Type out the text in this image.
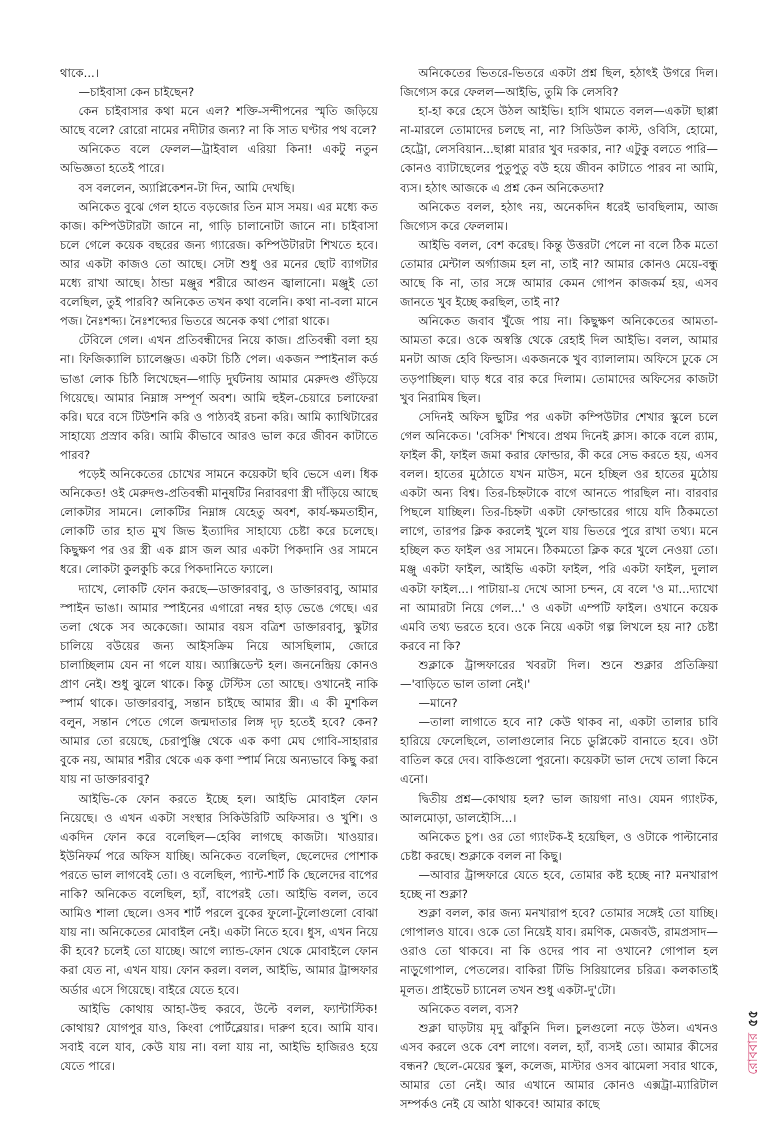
থাকে...।

—চাইবাসা কেন চাইছেন?

কেন চাইবাসার কথা মনে এল? শক্তি-সন্দীপনের স্মৃতি জড়িয়ে আছে বলে? রোরো নামের নদীটার জন্য? না কি সাত ঘণ্টার পথ বলে?

অনিকেত বলে ফেলল—ট্রাইবাল এরিয়া কিনা! একটু নতুন অভিজ্ঞতা হতেই পারে।

বস বললেন, অ্যাপ্লিকেশন-টা দিন, আমি দেখছি।

অনিকেত বুঝে গেল হাতে বড়জোর তিন মাস সময়। এর মধ্যে কত কাজ। কম্পিউটারটা জানে না, গাড়ি চালানোটা জানে না। চাইবাসা চলে গেলে কয়েক বছরের জন্য গ্যারেজ। কম্পিউটারটা শিখতে হবে। আর একটা কাজও তো আছে। সেটা শুধু ওর মনের ছোট ব্যাগটার মধ্যে রাখা আছে। ঠান্ডা মঞ্জুর শরীরে আগুন জ্বালানো। মঞ্জুই তো বলেছিল, তুই পারবি? অনিকেত তখন কথা বলেনি। কথা না-বলা মানে পজ। নৈঃশব্দ্য। নৈঃশব্দ্যের ভিতরে অনেক কথা পোরা থাকে।

টেবিলে গেল। এখন প্রতিবন্ধীদের নিয়ে কাজ। প্রতিবন্ধী বলা হয় না। ফিজিক্যালি চ্যালেঞ্জড। একটা চিঠি পেল। একজন স্পাইনাল কর্ড ভাঙা লোক চিঠি লিখেছেন—গাড়ি দুর্ঘটনায় আমার মেরুদণ্ড গুঁড়িয়ে গিয়েছে। আমার নিম্নাঙ্গ সম্পূর্ণ অবশ। আমি হুইল-চেয়ারে চলাফেরা করি। ঘরে বসে টিউশনি করি ও পাঠ্যবই রচনা করি। আমি ক্যাথিটারের সাহায্যে প্রস্রাব করি। আমি কীভাবে আরও ভাল করে জীবন কাটাতে পারব?

পড়েই অনিকেতের চোখের সামনে কয়েকটা ছবি ভেসে এল। ধিক অনিকেত! ওই মেরুদণ্ড-প্রতিবন্ধী মানুষটির নিরাবরণা স্ত্রী দাঁড়িয়ে আছে লোকটার সামনে। লোকটির নিম্নাঙ্গ যেহেতু অবশ, কার্য-ক্ষমতাহীন, লোকটি তার হাত মুখ জিভ ইত্যাদির সাহায্যে চেষ্টা করে চলেছে। কিছুক্ষণ পর ওর স্ত্রী এক গ্লাস জল আর একটা পিকদানি ওর সামনে ধরে। লোকটা কুলকুচি করে পিকদানিতে ফ্যালে।

দ্যাখে, লোকটি ফোন করছে—ডাক্তারবাবু, ও ডাক্তারবাবু, আমার স্পাইন ভাঙা। আমার স্পাইনের এগারো নম্বর হাড় ভেঙে গেছে। এর তলা থেকে সব অকেজো। আমার বয়স বত্রিশ ডাক্তারবাবু, স্কুটার চালিয়ে বউয়ের জন্য আইসক্রিম নিয়ে আসছিলাম, জোরে চালাচ্ছিলাম যেন না গলে যায়। অ্যাক্সিডেন্ট হল। জননেন্দ্রিয় কোনও প্রাণ নেই। শুধু ঝুলে থাকে। কিন্তু টেস্টিস তো আছে। ওখানেই নাকি স্পার্ম থাকে। ডাক্তারবাবু, সন্তান চাইছে আমার স্ত্রী। এ কী মুশকিল বলুন, সন্তান পেতে গেলে জন্মদাতার লিঙ্গ দৃঢ় হতেই হবে? কেন? আমার তো রয়েছে, চেরাপুঞ্জি থেকে এক কণা মেঘ গোবি-সাহারার বুকে নয়, আমার শরীর থেকে এক কণা স্পার্ম নিয়ে অন্যভাবে কিছু করা যায় না ডাক্তারবাবু?

আইভি-কে ফোন করতে ইচ্ছে হল। আইভি মোবাইল ফোন নিয়েছে। ও এখন একটা সংস্থার সিকিউরিটি অফিসার। ও খুশি। ও একদিন ফোন করে বলেছিল—হেব্বি লাগছে কাজটা। খাওয়ার। ইউনিফর্ম পরে অফিস যাচ্ছি। অনিকেত বলেছিল, ছেলেদের পোশাক পরতে ভাল লাগবেই তো। ও বলেছিল, প্যান্ট-শার্ট কি ছেলেদের বাপের নাকি? অনিকেত বলেছিল, হ্যাঁ, বাপেরই তো। আইভি বলল, তবে আমিও শালা ছেলে। ওসব শার্ট পরলে বুকের ফুলো-টুলোগুলো বোঝা যায় না। অনিকেতের মোবাইল নেই। একটা নিতে হবে। ধুস, এখন নিয়ে কী হবে? চলেই তো যাচ্ছে। আগে ল্যান্ড-ফোন থেকে মোবাইলে ফোন করা যেত না, এখন যায়। ফোন করল। বলল, আইভি, আমার ট্রান্সফার অর্ডার এসে গিয়েছে। বাইরে যেতে হবে।

আইভি কোথায় আহা-উহু করবে, উল্টে বলল, ফ্যান্টাস্টিক! কোথায়? যোগপুর যাও, কিংবা পোর্টব্লেয়ার। দারুণ হবে। আমি যাব। সবাই বলে যাব, কেউ যায় না। বলা যায় না, আইভি হাজিরও হয়ে যেতে পারে।

অনিকেতের ভিতরে-ভিতরে একটা প্রশ্ন ছিল, হঠাৎই উগরে দিল। জিগ্যেস করে ফেলল—আইভি, তুমি কি লেসবি?

হা-হা করে হেসে উঠল আইভি। হাসি থামতে বলল—একটা ছাপ্পা না-মারলে তোমাদের চলছে না, না? সিডিউল কাস্ট, ওবিসি, হোমো, হেট্রো, লেসবিয়ান...ছাপ্পা মারার খুব দরকার, না? এটুকু বলতে পারি—কোনও ব্যাটাছেলের পুতুপুতু বউ হয়ে জীবন কাটাতে পারব না আমি, ব্যস। হঠাৎ আজকে এ প্রশ্ন কেন অনিকেতদা?

অনিকেত বলল, হঠাৎ নয়, অনেকদিন ধরেই ভাবছিলাম, আজ জিগ্যেস করে ফেললাম।

আইভি বলল, বেশ করেছ। কিন্তু উত্তরটা পেলে না বলে ঠিক মতো তোমার মেন্টাল অর্গ্যাজম হল না, তাই না? আমার কোনও মেয়ে-বন্ধু আছে কি না, তার সঙ্গে আমার কেমন গোপন কাজকর্ম হয়, এসব জানতে খুব ইচ্ছে করছিল, তাই না?

অনিকেত জবাব খুঁজে পায় না। কিছুক্ষণ অনিকেতের আমতা-আমতা করে। ওকে অস্বস্তি থেকে রেহাই দিল আইভি। বলল, আমার মনটা আজ হেবি ফিল্ডাস। একজনকে খুব ব্যালালাম। অফিসে ঢুকে সে তড়পাচ্ছিল। ঘাড় ধরে বার করে দিলাম। তোমাদের অফিসের কাজটা খুব নিরামিষ ছিল।

সেদিনই অফিস ছুটির পর একটা কম্পিউটার শেখার স্কুলে চলে গেল অনিকেত। 'বেসিক' শিখবে। প্রথম দিনেই ক্লাস। কাকে বলে র‍্যাম, ফাইল কী, ফাইল জমা করার ফোল্ডার, কী করে সেভ করতে হয়, এসব বলল। হাতের মুঠোতে যখন মাউস, মনে হচ্ছিল ওর হাতের মুঠোয় একটা অন্য বিশ্ব। তির-চিহ্নটাকে বাগে আনতে পারছিল না। বারবার পিছলে যাচ্ছিল। তির-চিহ্নটা একটা ফোল্ডারের গায়ে যদি ঠিকমতো লাগে, তারপর ক্লিক করলেই খুলে যায় ভিতরে পুরে রাখা তথ্য। মনে হচ্ছিল কত ফাইল ওর সামনে। ঠিকমতো ক্লিক করে খুলে নেওয়া তো। মঞ্জু একটা ফাইল, আইভি একটা ফাইল, পরি একটা ফাইল, দুলাল একটা ফাইল...। পাটায়া-য় দেখে আসা চন্দন, যে বলে 'ও মা...দ্যাখো না আমারটা নিয়ে গেল...' ও একটা এম্পটি ফাইল। ওখানে কয়েক এমবি তথ্য ভরতে হবে। ওকে নিয়ে একটা গল্প লিখলে হয় না? চেষ্টা করবে না কি?

শুক্লাকে ট্রান্সফারের খবরটা দিল। শুনে শুক্লার প্রতিক্রিয়া—'বাড়িতে ভাল তালা নেই।'

—মানে?

—তালা লাগাতে হবে না? কেউ থাকব না, একটা তালার চাবি হারিয়ে ফেলেছিলে, তালাগুলোর নিচে ডুপ্লিকেট বানাতে হবে। ওটা বাতিল করে দেব। বাকিগুলো পুরনো। কয়েকটা ভাল দেখে তালা কিনে এনো।

দ্বিতীয় প্রশ্ন—কোথায় হল? ভাল জায়গা নাও। যেমন গ্যাংটক, আলমোড়া, ডালহৌসি...।

অনিকেত চুপ। ওর তো গ্যাংটক-ই হয়েছিল, ও ওটাকে পাল্টানোর চেষ্টা করছে। শুক্লাকে বলল না কিছু।

—আবার ট্রান্সফারে যেতে হবে, তোমার কষ্ট হচ্ছে না? মনখারাপ হচ্ছে না শুক্লা?

শুক্লা বলল, কার জন্য মনখারাপ হবে? তোমার সঙ্গেই তো যাচ্ছি। গোপালও যাবে। ওকে তো নিয়েই যাব। রমণিক, মেজবউ, রামপ্রসাদ—ওরাও তো থাকবে। না কি ওদের পাব না ওখানে? গোপাল হল নাড়ুগোপাল, পেতলের। বাকিরা টিভি সিরিয়ালের চরিত্র। কলকাতাই মূলত। প্রাইভেট চ্যানেল তখন শুধু একটা-দু'টো।

অনিকেত বলল, ব্যস?

শুক্লা ঘাড়টায় মৃদু ঝাঁকুনি দিল। চুলগুলো নড়ে উঠল। এখনও এসব করলে ওকে বেশ লাগে। বলল, হ্যাঁ, ব্যসই তো। আমার কীসের বন্ধন? ছেলে-মেয়ের স্কুল, কলেজ, মাস্টার ওসব ঝামেলা সবার থাকে, আমার তো নেই। আর এখানে আমার কোনও এক্সট্রা-ম্যারিটাল সম্পর্কও নেই যে আঠা থাকবে! আমার কাছে

৫৫
রোববার
